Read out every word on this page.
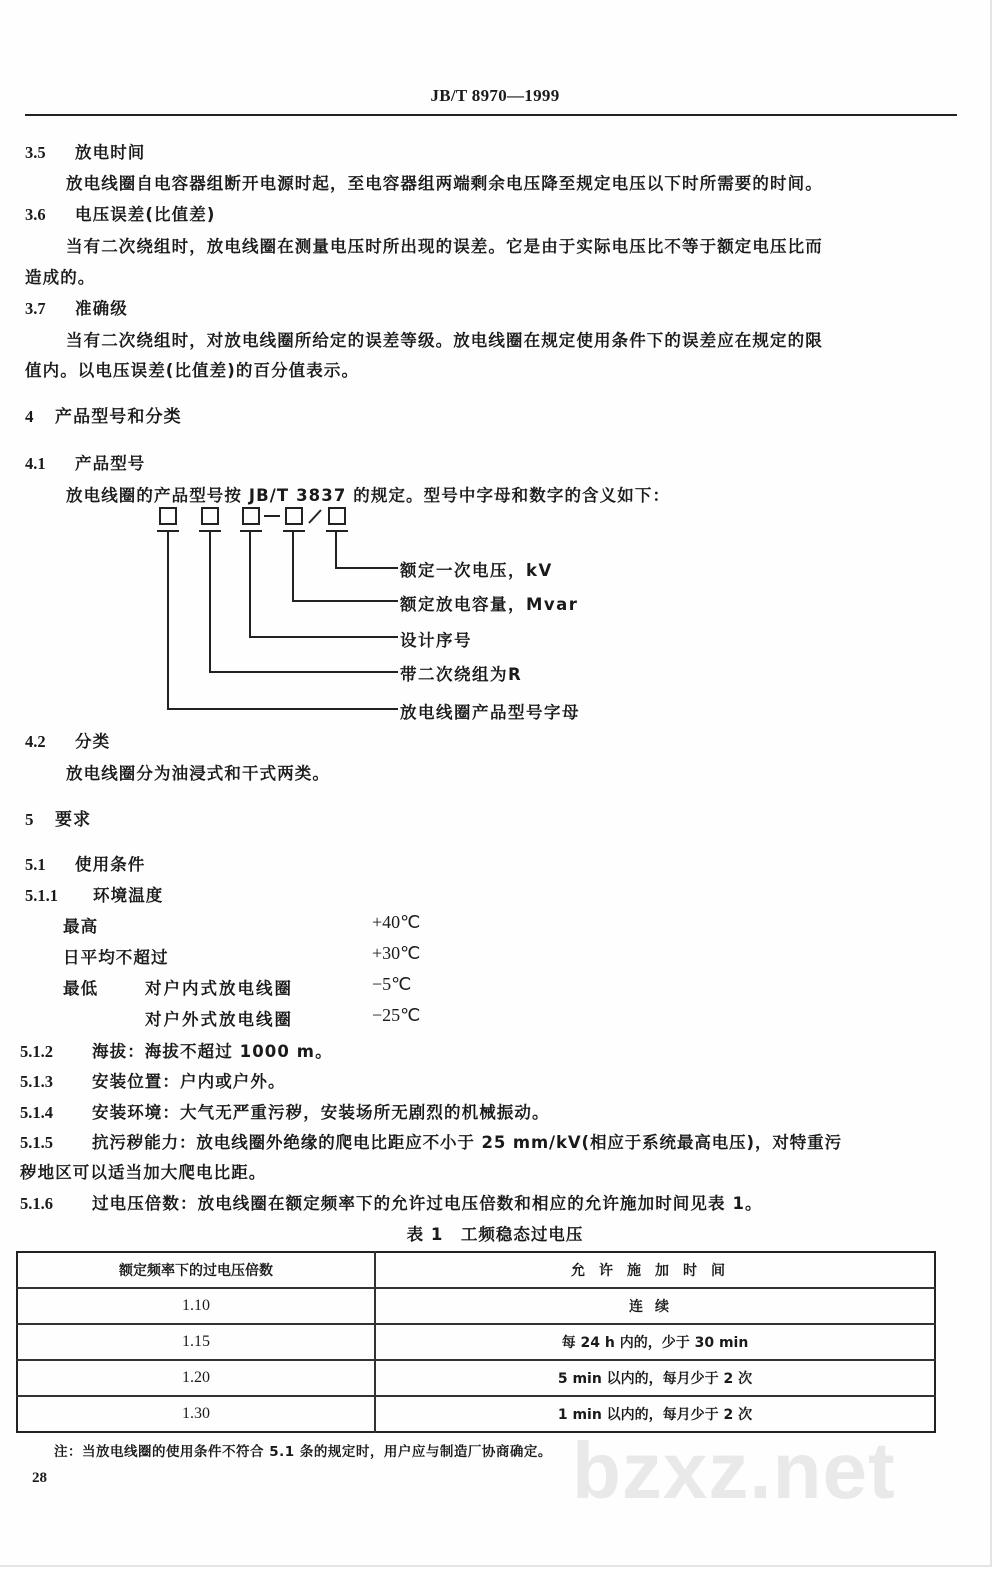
JB/T 8970—1999
3.5 放电时间
放电线圈自电容器组断开电源时起，至电容器组两端剩余电压降至规定电压以下时所需要的时间。
3.6 电压误差(比值差)
当有二次绕组时，放电线圈在测量电压时所出现的误差。它是由于实际电压比不等于额定电压比而
造成的。
3.7 准确级
当有二次绕组时，对放电线圈所给定的误差等级。放电线圈在规定使用条件下的误差应在规定的限
值内。以电压误差(比值差)的百分值表示。
4 产品型号和分类
4.1 产品型号
放电线圈的产品型号按 JB/T 3837 的规定。型号中字母和数字的含义如下：
额定一次电压，kV
额定放电容量，Mvar
设计序号
带二次绕组为R
放电线圈产品型号字母
4.2 分类
放电线圈分为油浸式和干式两类。
5 要求
5.1 使用条件
5.1.1 环境温度
最高	+40℃
日平均不超过	+30℃
最低	对户内式放电线圈	−5℃
对户外式放电线圈	−25℃
5.1.2 海拔：海拔不超过 1000 m。
5.1.3 安装位置：户内或户外。
5.1.4 安装环境：大气无严重污秽，安装场所无剧烈的机械振动。
5.1.5 抗污秽能力：放电线圈外绝缘的爬电比距应不小于 25 mm/kV(相应于系统最高电压)，对特重污
秽地区可以适当加大爬电比距。
5.1.6 过电压倍数：放电线圈在额定频率下的允许过电压倍数和相应的允许施加时间见表 1。
表 1　工频稳态过电压
额定频率下的过电压倍数	允许施加时间
1.10	连续
1.15	每 24 h 内的，少于 30 min
1.20	5 min 以内的，每月少于 2 次
1.30	1 min 以内的，每月少于 2 次
注：当放电线圈的使用条件不符合 5.1 条的规定时，用户应与制造厂协商确定。
28	bzxz.net
